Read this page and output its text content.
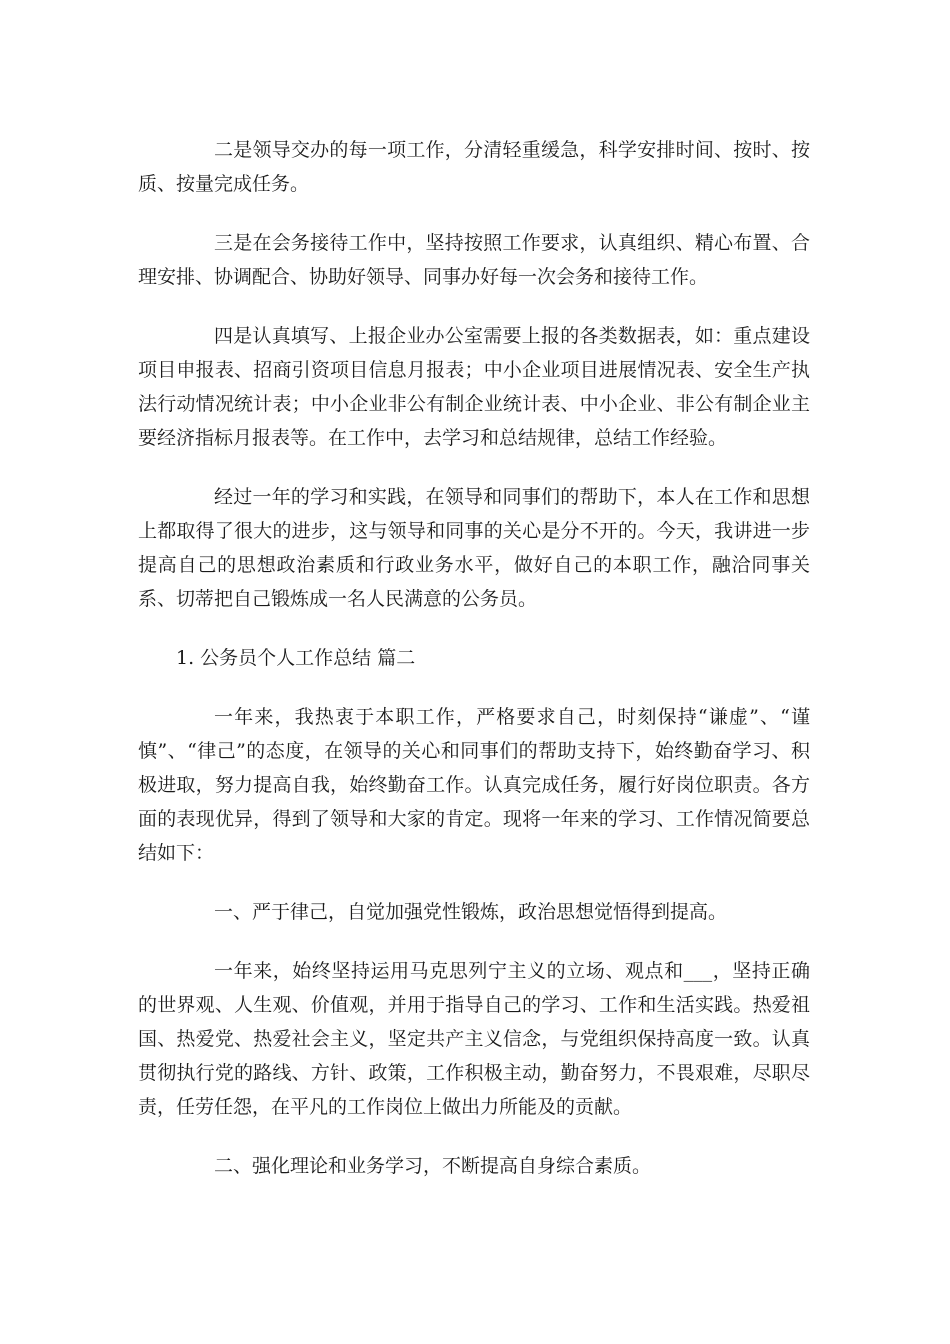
二是领导交办的每一项工作，分清轻重缓急，科学安排时间、按时、按质、按量完成任务。

三是在会务接待工作中，坚持按照工作要求，认真组织、精心布置、合理安排、协调配合、协助好领导、同事办好每一次会务和接待工作。

四是认真填写、上报企业办公室需要上报的各类数据表，如：重点建设项目申报表、招商引资项目信息月报表；中小企业项目进展情况表、安全生产执法行动情况统计表；中小企业非公有制企业统计表、中小企业、非公有制企业主要经济指标月报表等。在工作中，去学习和总结规律，总结工作经验。

经过一年的学习和实践，在领导和同事们的帮助下，本人在工作和思想上都取得了很大的进步，这与领导和同事的关心是分不开的。今天，我讲进一步提高自己的思想政治素质和行政业务水平，做好自己的本职工作，融洽同事关系、切蒂把自己锻炼成一名人民满意的公务员。

1. 公务员个人工作总结 篇二

一年来，我热衷于本职工作，严格要求自己，时刻保持“谦虚”、“谨慎”、“律己”的态度，在领导的关心和同事们的帮助支持下，始终勤奋学习、积极进取，努力提高自我，始终勤奋工作。认真完成任务，履行好岗位职责。各方面的表现优异，得到了领导和大家的肯定。现将一年来的学习、工作情况简要总结如下：

一、严于律己，自觉加强党性锻炼，政治思想觉悟得到提高。

一年来，始终坚持运用马克思列宁主义的立场、观点和___，坚持正确的世界观、人生观、价值观，并用于指导自己的学习、工作和生活实践。热爱祖国、热爱党、热爱社会主义，坚定共产主义信念，与党组织保持高度一致。认真贯彻执行党的路线、方针、政策，工作积极主动，勤奋努力，不畏艰难，尽职尽责，任劳任怨，在平凡的工作岗位上做出力所能及的贡献。

二、强化理论和业务学习，不断提高自身综合素质。
